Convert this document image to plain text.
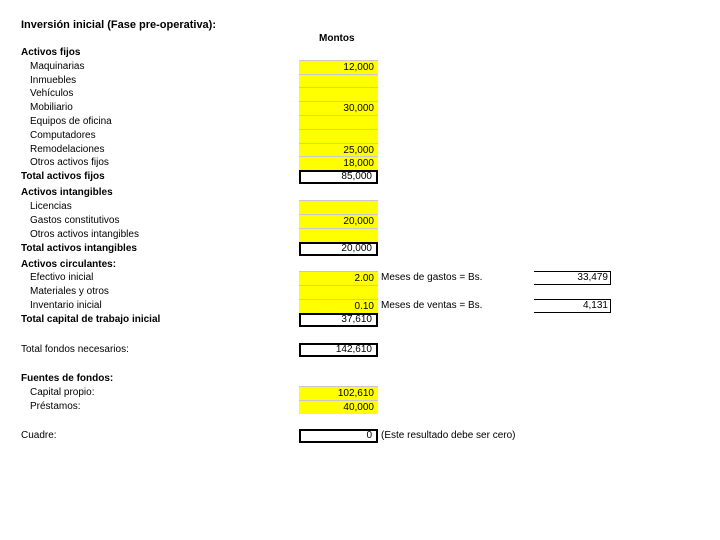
Inversión inicial (Fase pre-operativa):
Montos
Activos fijos
Maquinarias	12,000
Inmuebles
Vehículos
Mobiliario	30,000
Equipos de oficina
Computadores
Remodelaciones	25,000
Otros activos fijos	18,000
Total activos fijos	85,000
Activos intangibles
Licencias
Gastos constitutivos	20,000
Otros activos intangibles
Total activos intangibles	20,000
Activos circulantes:
Efectivo inicial	2.00 Meses de gastos = Bs.	33,479
Materiales y otros
Inventario inicial	0.10 Meses de ventas = Bs.	4,131
Total capital de trabajo inicial	37,610
Total fondos necesarios:	142,610
Fuentes de fondos:
Capital propio:	102,610
Préstamos:	40,000
Cuadre:	0 (Este resultado debe ser cero)
